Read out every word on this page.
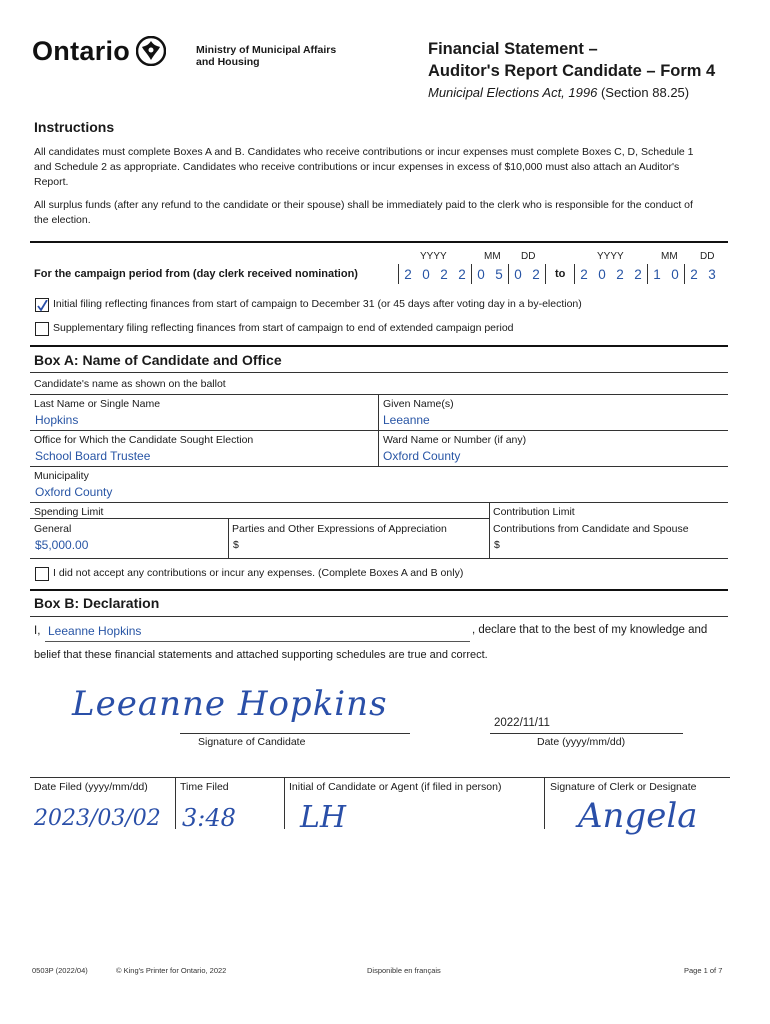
Ontario	Ministry of Municipal Affairs
and Housing
Financial Statement –
Auditor's Report Candidate – Form 4
Municipal Elections Act, 1996 (Section 88.25)
Instructions
All candidates must complete Boxes A and B. Candidates who receive contributions or incur expenses must complete Boxes C, D, Schedule 1 and Schedule 2 as appropriate. Candidates who receive contributions or incur expenses in excess of $10,000 must also attach an Auditor's Report.
All surplus funds (after any refund to the candidate or their spouse) shall be immediately paid to the clerk who is responsible for the conduct of the election.
YYYY	MM DD	YYYY	MM DD
For the campaign period from (day clerk received nomination)	2 0 2 2 0 5 0 2	to	2 0 2 2 1 0 2 3
Initial filing reflecting finances from start of campaign to December 31 (or 45 days after voting day in a by-election)
Supplementary filing reflecting finances from start of campaign to end of extended campaign period
Box A: Name of Candidate and Office
Candidate's name as shown on the ballot
Last Name or Single Name
Hopkins
Given Name(s)
Leeanne
Office for Which the Candidate Sought Election
School Board Trustee
Ward Name or Number (if any)
Oxford County
Municipality
Oxford County
Spending Limit	Contribution Limit
General
$5,000.00
Parties and Other Expressions of Appreciation
$
Contributions from Candidate and Spouse
$
I did not accept any contributions or incur any expenses. (Complete Boxes A and B only)
Box B: Declaration
I, Leeanne Hopkins	, declare that to the best of my knowledge and
belief that these financial statements and attached supporting schedules are true and correct.
Leeanne Hopkins
Signature of Candidate
2022/11/11
Date (yyyy/mm/dd)
Date Filed (yyyy/mm/dd)	Time Filed	Initial of Candidate or Agent (if filed in person)	Signature of Clerk or Designate
2023/03/02 3:48 LH	Angela
0503P (2022/04)	© King's Printer for Ontario, 2022	Disponible en français	Page 1 of 7
